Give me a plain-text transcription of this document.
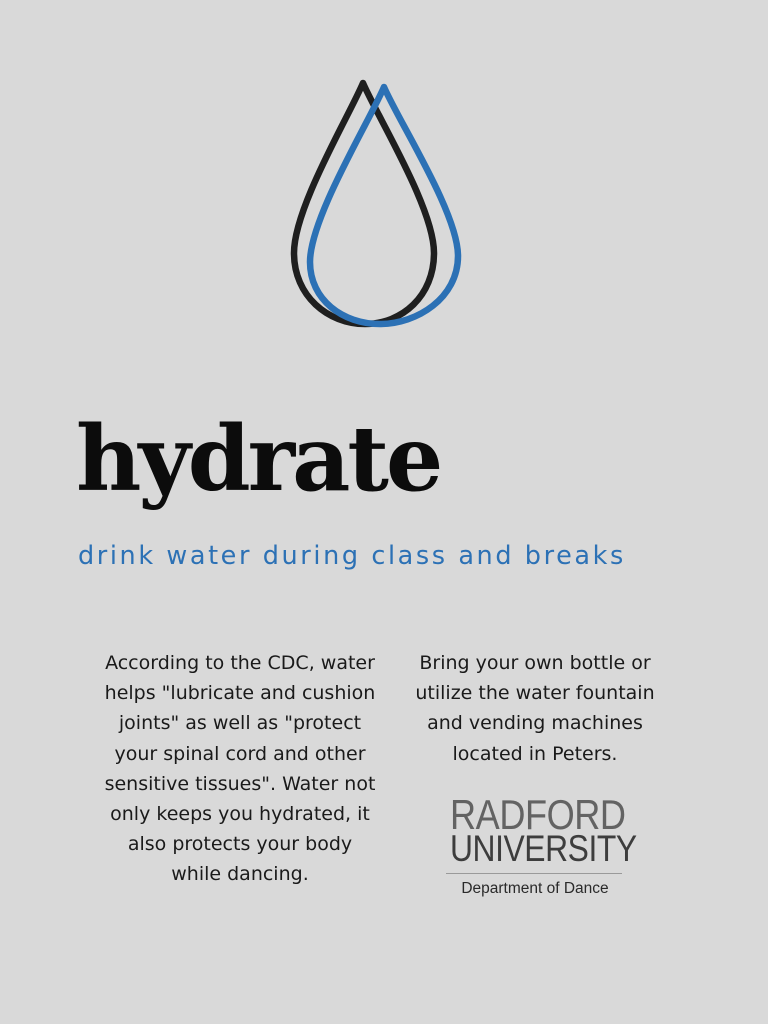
hydrate

drink water during class and breaks

According to the CDC, water helps "lubricate and cushion joints" as well as "protect your spinal cord and other sensitive tissues". Water not only keeps you hydrated, it also protects your body while dancing.

Bring your own bottle or utilize the water fountain and vending machines located in Peters.

RADFORD
UNIVERSITY
Department of Dance
